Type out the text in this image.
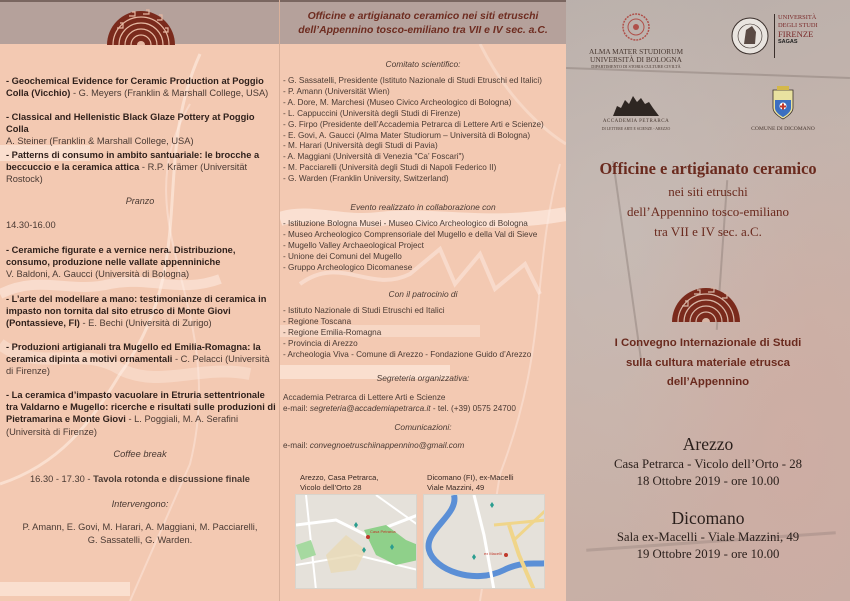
- Geochemical Evidence for Ceramic Production at Poggio Colla (Vicchio) - G. Meyers (Franklin & Marshall College, USA)
- Classical and Hellenistic Black Glaze Pottery at Poggio Colla
A. Steiner (Franklin & Marshall College, USA)
- Patterns di consumo in ambito santuariale: le brocche a beccuccio e la ceramica attica - R.P. Krämer (Universität Rostock)
Pranzo
14.30-16.00
- Ceramiche figurate e a vernice nera. Distribuzione, consumo, produzione nelle vallate appenniniche
V. Baldoni, A. Gaucci (Università di Bologna)
- L’arte del modellare a mano: testimonianze di ceramica in impasto non tornita dal sito etrusco di Monte Giovi (Pontassieve, FI) - E. Bechi (Università di Zurigo)
- Produzioni artigianali tra Mugello ed Emilia-Romagna: la ceramica dipinta a motivi ornamentali - C. Pelacci (Università di Firenze)
- La ceramica d’impasto vacuolare in Etruria settentrionale tra Valdarno e Mugello: ricerche e risultati sulle produzioni di Pietramarina e Monte Giovi - L. Poggiali, M. A. Serafini (Università di Firenze)
Coffee break
16.30 - 17.30 - Tavola rotonda e discussione finale
Intervengono:
P. Amann, E. Govi, M. Harari, A. Maggiani, M. Pacciarelli,
G. Sassatelli, G. Warden.
Officine e artigianato ceramico nei siti etruschi
dell’Appennino tosco-emiliano tra VII e IV sec. a.C.
Comitato scientifico:
- G. Sassatelli, Presidente (Istituto Nazionale di Studi Etruschi ed Italici)
- P. Amann (Universität Wien)
- A. Dore, M. Marchesi (Museo Civico Archeologico di Bologna)
- L. Cappuccini (Università degli Studi di Firenze)
- G. Firpo (Presidente dell’Accademia Petrarca di Lettere Arti e Scienze)
- E. Govi, A. Gaucci (Alma Mater Studiorum – Università di Bologna)
- M. Harari (Università degli Studi di Pavia)
- A. Maggiani (Università di Venezia "Ca’ Foscari")
- M. Pacciarelli (Università degli Studi di Napoli Federico II)
- G. Warden (Franklin University, Switzerland)
Evento realizzato in collaborazione con
- Istituzione Bologna Musei - Museo Civico Archeologico di Bologna
- Museo Archeologico Comprensoriale del Mugello e della Val di Sieve
- Mugello Valley Archaeological Project
- Unione dei Comuni del Mugello
- Gruppo Archeologico Dicomanese
Con il patrocinio di
- Istituto Nazionale di Studi Etruschi ed Italici
- Regione Toscana
- Regione Emilia-Romagna
- Provincia di Arezzo
- Archeologia Viva - Comune di Arezzo - Fondazione Guido d’Arezzo
Segreteria organizzativa:
Accademia Petrarca di Lettere Arti e Scienze
e-mail: segreteria@accademiapetrarca.it - tel. (+39) 0575 24700
Comunicazioni:
e-mail: convegnoetruschiinappennino@gmail.com
Arezzo, Casa Petrarca,
Vicolo dell’Orto 28
Casa Petrarca
Dicomano (FI), ex-Macelli
Viale Mazzini, 49
ex Macelli
ALMA MATER STUDIORUM
UNIVERSITÀ DI BOLOGNA
DIPARTIMENTO DI STORIA CULTURE CIVILTÀ
UNIVERSITÀ
DEGLI STUDI
FIRENZE
SAGAS
ACCADEMIA PETRARCA
DI LETTERE ARTI E SCIENZE - AREZZO	COMUNE DI DICOMANO
Officine e artigianato ceramico
nei siti etruschi
dell’Appennino tosco-emiliano
tra VII e IV sec. a.C.
I Convegno Internazionale di Studi
sulla cultura materiale etrusca
dell’Appennino
Arezzo
Casa Petrarca - Vicolo dell’Orto - 28
18 Ottobre 2019 - ore 10.00
Dicomano
Sala ex-Macelli - Viale Mazzini, 49
19 Ottobre 2019 - ore 10.00
